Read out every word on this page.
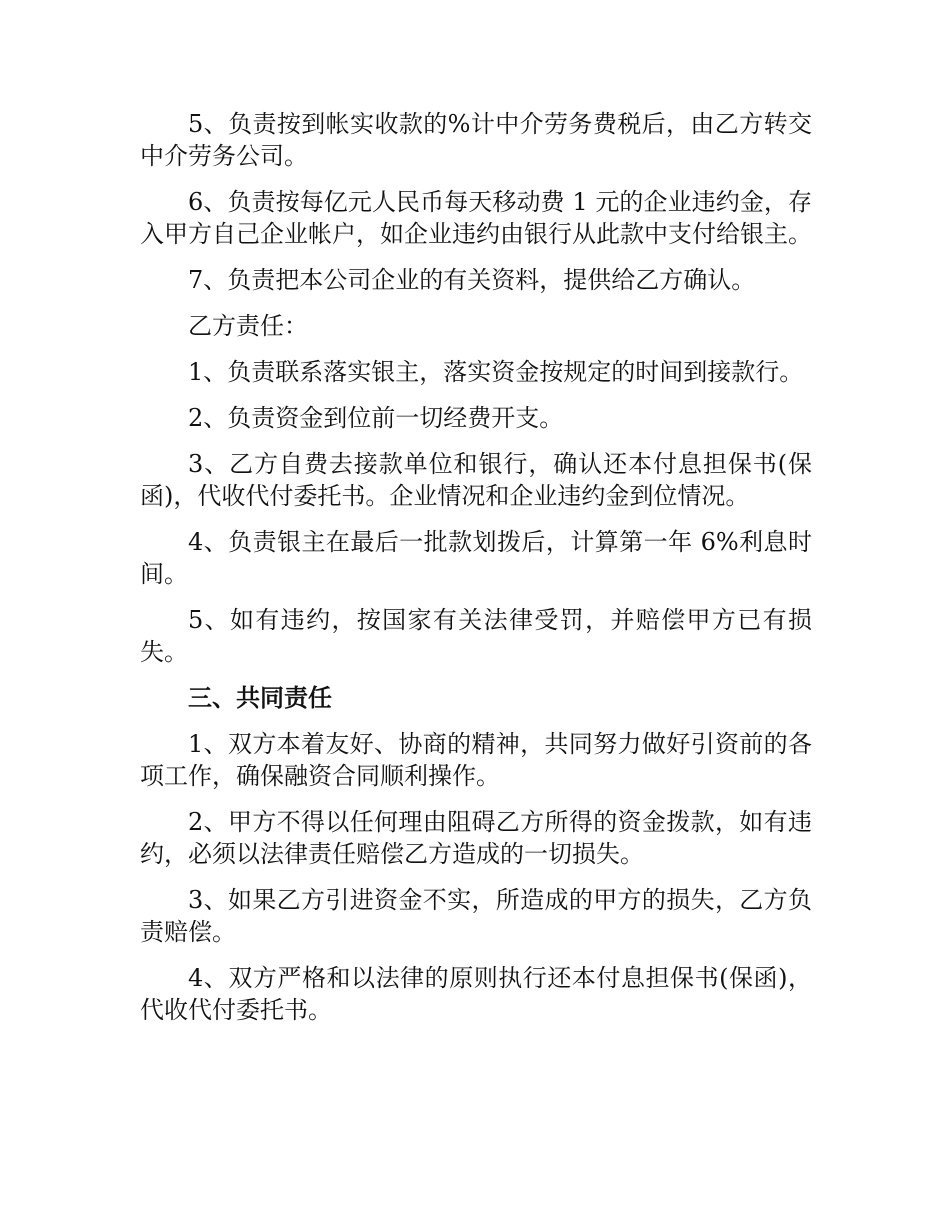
5、负责按到帐实收款的%计中介劳务费税后，由乙方转交中介劳务公司。

6、负责按每亿元人民币每天移动费 1 元的企业违约金，存入甲方自己企业帐户，如企业违约由银行从此款中支付给银主。

7、负责把本公司企业的有关资料，提供给乙方确认。

乙方责任：

1、负责联系落实银主，落实资金按规定的时间到接款行。

2、负责资金到位前一切经费开支。

3、乙方自费去接款单位和银行，确认还本付息担保书(保函)，代收代付委托书。企业情况和企业违约金到位情况。

4、负责银主在最后一批款划拨后，计算第一年 6%利息时间。

5、如有违约，按国家有关法律受罚，并赔偿甲方已有损失。

三、共同责任

1、双方本着友好、协商的精神，共同努力做好引资前的各项工作，确保融资合同顺利操作。

2、甲方不得以任何理由阻碍乙方所得的资金拨款，如有违约，必须以法律责任赔偿乙方造成的一切损失。

3、如果乙方引进资金不实，所造成的甲方的损失，乙方负责赔偿。

4、双方严格和以法律的原则执行还本付息担保书(保函)，代收代付委托书。
